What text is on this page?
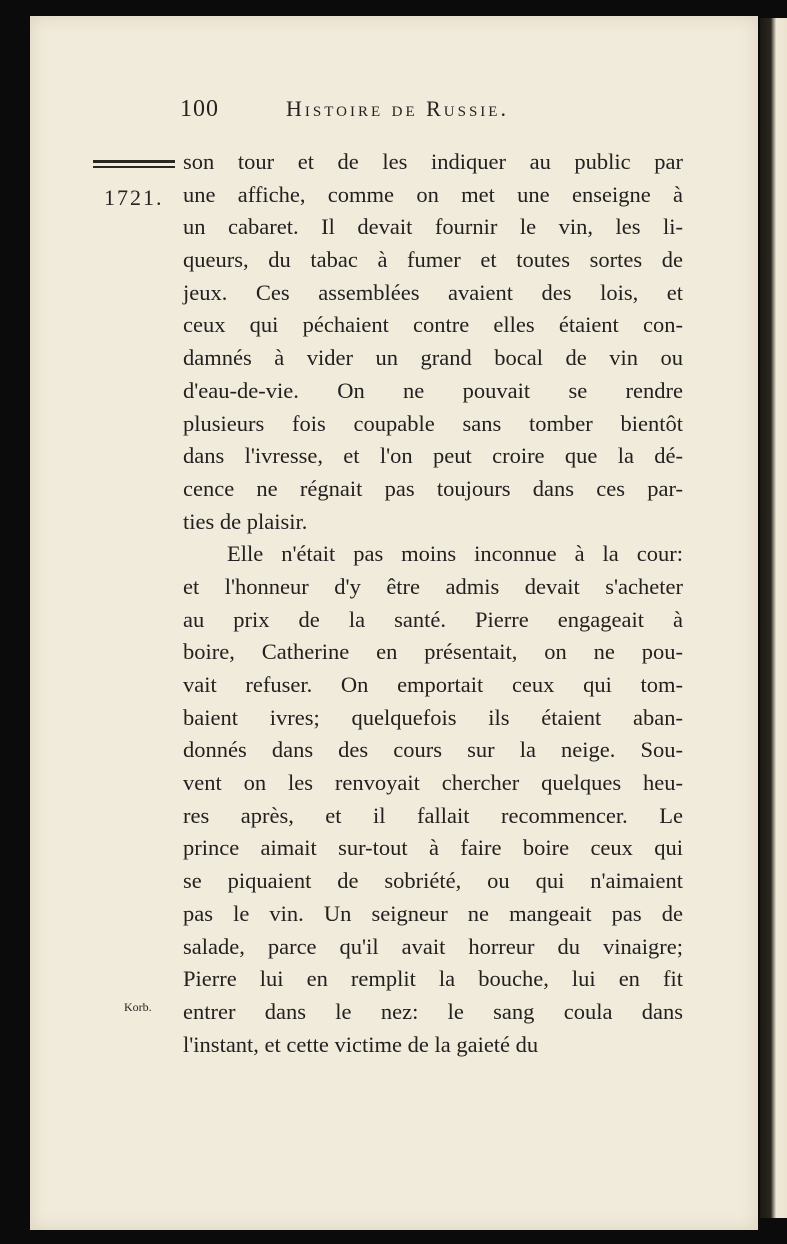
100	Histoire de Russie.
1721.
Korb.
son tour et de les indiquer au public par
une affiche, comme on met une enseigne à
un cabaret. Il devait fournir le vin, les li-
queurs, du tabac à fumer et toutes sortes de
jeux. Ces assemblées avaient des lois, et
ceux qui péchaient contre elles étaient con-
damnés à vider un grand bocal de vin ou
d'eau-de-vie. On ne pouvait se rendre
plusieurs fois coupable sans tomber bientôt
dans l'ivresse, et l'on peut croire que la dé-
cence ne régnait pas toujours dans ces par-
ties de plaisir.
Elle n'était pas moins inconnue à la cour:
et l'honneur d'y être admis devait s'acheter
au prix de la santé. Pierre engageait à
boire, Catherine en présentait, on ne pou-
vait refuser. On emportait ceux qui tom-
baient ivres; quelquefois ils étaient aban-
donnés dans des cours sur la neige. Sou-
vent on les renvoyait chercher quelques heu-
res après, et il fallait recommencer. Le
prince aimait sur-tout à faire boire ceux qui
se piquaient de sobriété, ou qui n'aimaient
pas le vin. Un seigneur ne mangeait pas de
salade, parce qu'il avait horreur du vinaigre;
Pierre lui en remplit la bouche, lui en fit
entrer dans le nez: le sang coula dans
l'instant, et cette victime de la gaieté du
